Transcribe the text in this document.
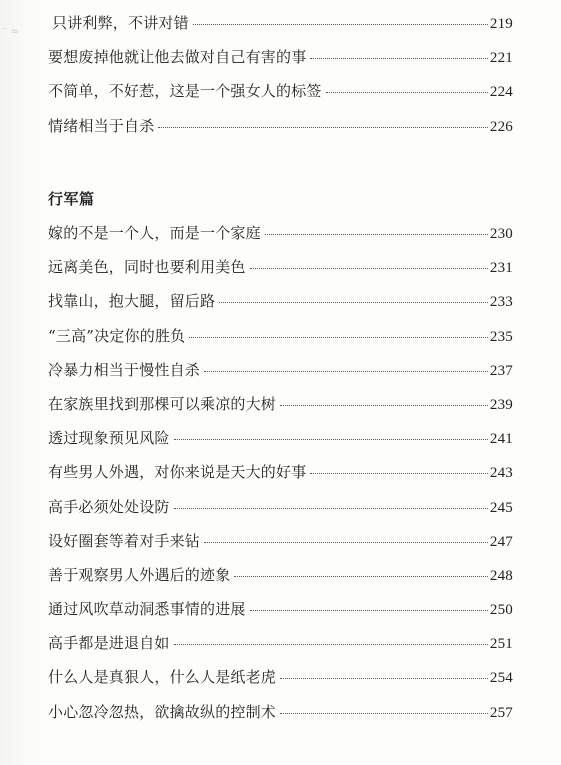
⁻ = 只讲利弊，不讲对错	219
要想废掉他就让他去做对自己有害的事	221
不简单，不好惹，这是一个强女人的标签	224
情绪相当于自杀	226
行军篇
嫁的不是一个人，而是一个家庭	230
远离美色，同时也要利用美色	231
找靠山，抱大腿，留后路	233
“三高”决定你的胜负	235
冷暴力相当于慢性自杀	237
在家族里找到那棵可以乘凉的大树	239
透过现象预见风险	241
有些男人外遇，对你来说是天大的好事	243
高手必须处处设防	245
设好圈套等着对手来钻	247
善于观察男人外遇后的迹象	248
通过风吹草动洞悉事情的进展	250
高手都是进退自如	251
什么人是真狠人，什么人是纸老虎	254
小心忽冷忽热，欲擒故纵的控制术	257
